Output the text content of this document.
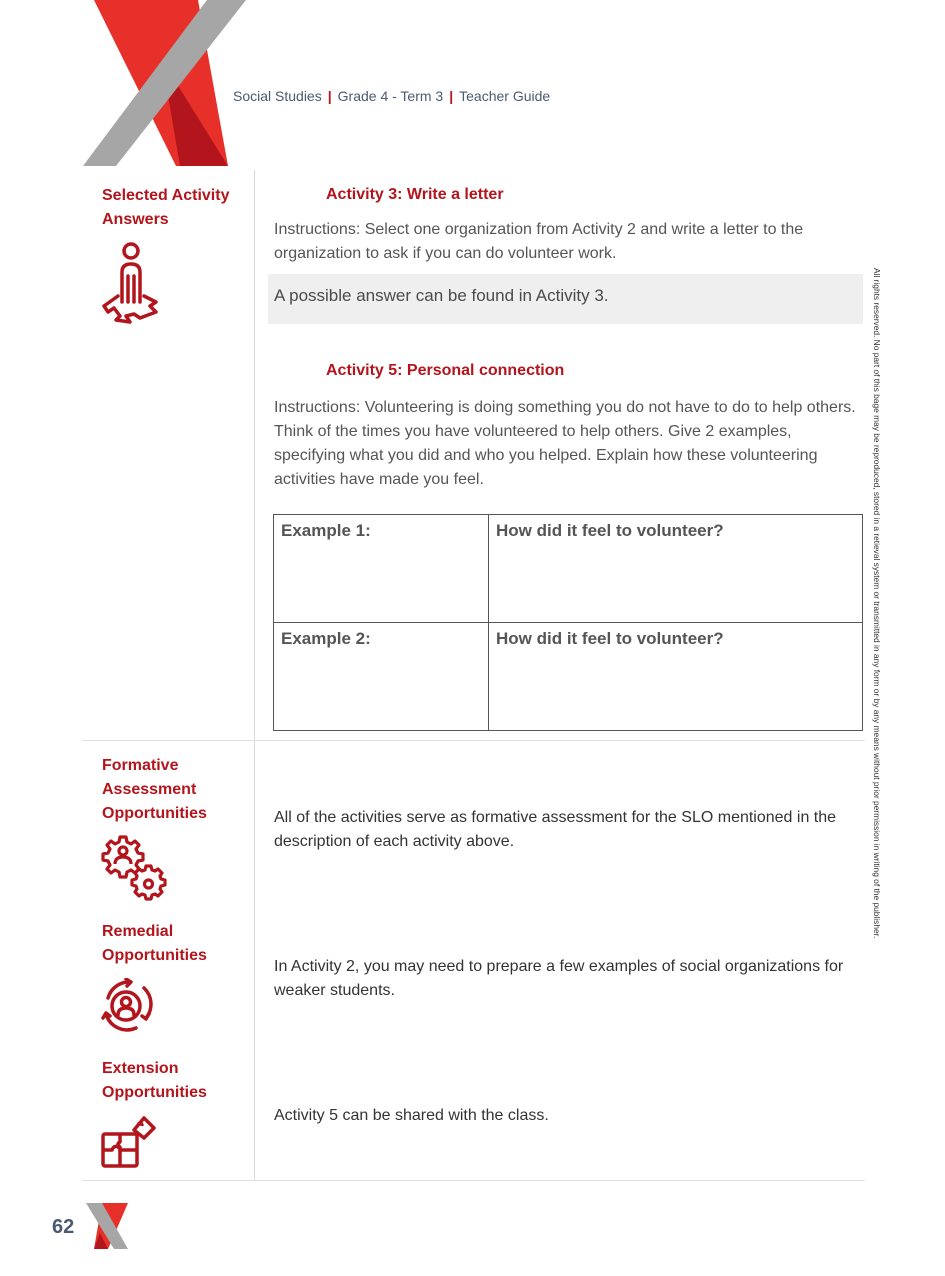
Social Studies | Grade 4 - Term 3 | Teacher Guide
Selected Activity Answers
Activity 3: Write a letter
Instructions: Select one organization from Activity 2 and write a letter to the organization to ask if you can do volunteer work.
A possible answer can be found in Activity 3.
Activity 5: Personal connection
Instructions: Volunteering is doing something you do not have to do to help others. Think of the times you have volunteered to help others. Give 2 examples, specifying what you did and who you helped. Explain how these volunteering activities have made you feel.
Example 1:	How did it feel to volunteer?
Example 2:	How did it feel to volunteer?
Formative Assessment Opportunities	All of the activities serve as formative assessment for the SLO mentioned in the description of each activity above.
Remedial Opportunities
In Activity 2, you may need to prepare a few examples of social organizations for weaker students.
Extension Opportunities
Activity 5 can be shared with the class.
All rights reserved. No part of this bage may be reproduced, stored in a retieval system or transmitted in any form or by any means without prior permission in writing of the publisher.
62
